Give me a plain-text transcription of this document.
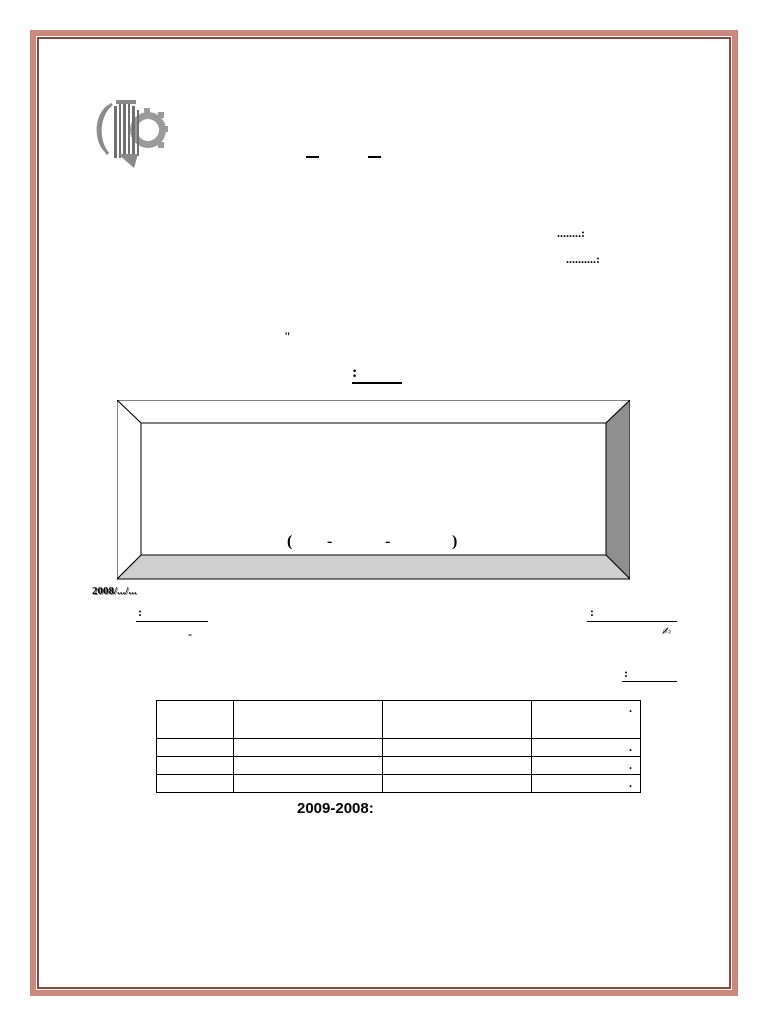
........:
..........:
"
:
( -	-	)
2008/.../...
:
-
:
✍
:
			.
			.
			.
			.
2009-2008:
